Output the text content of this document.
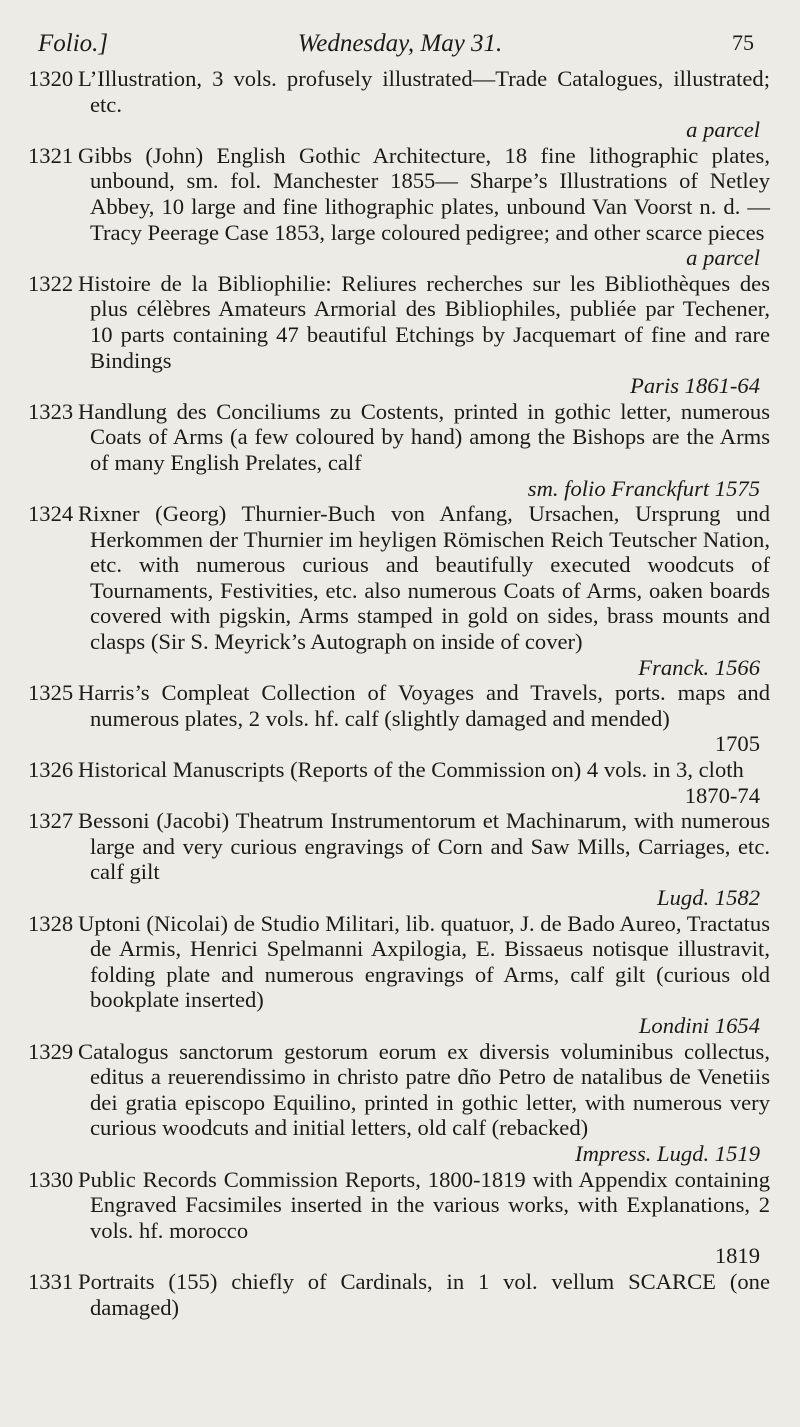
Folio.]	Wednesday, May 31.	75
1320 L’Illustration, 3 vols. profusely illustrated—Trade Catalogues, illustrated; etc.

a parcel
1321 Gibbs (John) English Gothic Architecture, 18 fine lithographic plates, unbound, sm. fol. Manchester 1855— Sharpe’s Illustrations of Netley Abbey, 10 large and fine lithographic plates, unbound Van Voorst n. d. — Tracy Peerage Case 1853, large coloured pedigree; and other scarce pieces

a parcel
1322 Histoire de la Bibliophilie: Reliures recherches sur les Bibliothèques des plus célèbres Amateurs Armorial des Bibliophiles, publiée par Techener, 10 parts containing 47 beautiful Etchings by Jacquemart of fine and rare Bindings

Paris 1861-64
1323 Handlung des Conciliums zu Costents, printed in gothic letter, numerous Coats of Arms (a few coloured by hand) among the Bishops are the Arms of many English Prelates, calf

sm. folio Franckfurt 1575
1324 Rixner (Georg) Thurnier-Buch von Anfang, Ursachen, Ursprung und Herkommen der Thurnier im heyligen Römischen Reich Teutscher Nation, etc. with numerous curious and beautifully executed woodcuts of Tournaments, Festivities, etc. also numerous Coats of Arms, oaken boards covered with pigskin, Arms stamped in gold on sides, brass mounts and clasps (Sir S. Meyrick’s Autograph on inside of cover)

Franck. 1566
1325 Harris’s Compleat Collection of Voyages and Travels, ports. maps and numerous plates, 2 vols. hf. calf (slightly damaged and mended)

1705
1326 Historical Manuscripts (Reports of the Commission on) 4 vols. in 3, cloth

1870-74
1327 Bessoni (Jacobi) Theatrum Instrumentorum et Machinarum, with numerous large and very curious engravings of Corn and Saw Mills, Carriages, etc. calf gilt

Lugd. 1582
1328 Uptoni (Nicolai) de Studio Militari, lib. quatuor, J. de Bado Aureo, Tractatus de Armis, Henrici Spelmanni Axpilogia, E. Bissaeus notisque illustravit, folding plate and numerous engravings of Arms, calf gilt (curious old bookplate inserted)

Londini 1654
1329 Catalogus sanctorum gestorum eorum ex diversis voluminibus collectus, editus a reuerendissimo in christo patre dño Petro de natalibus de Venetiis dei gratia episcopo Equilino, printed in gothic letter, with numerous very curious woodcuts and initial letters, old calf (rebacked)

Impress. Lugd. 1519
1330 Public Records Commission Reports, 1800-1819 with Appendix containing Engraved Facsimiles inserted in the various works, with Explanations, 2 vols. hf. morocco

1819
1331 Portraits (155) chiefly of Cardinals, in 1 vol. vellum SCARCE (one damaged)
